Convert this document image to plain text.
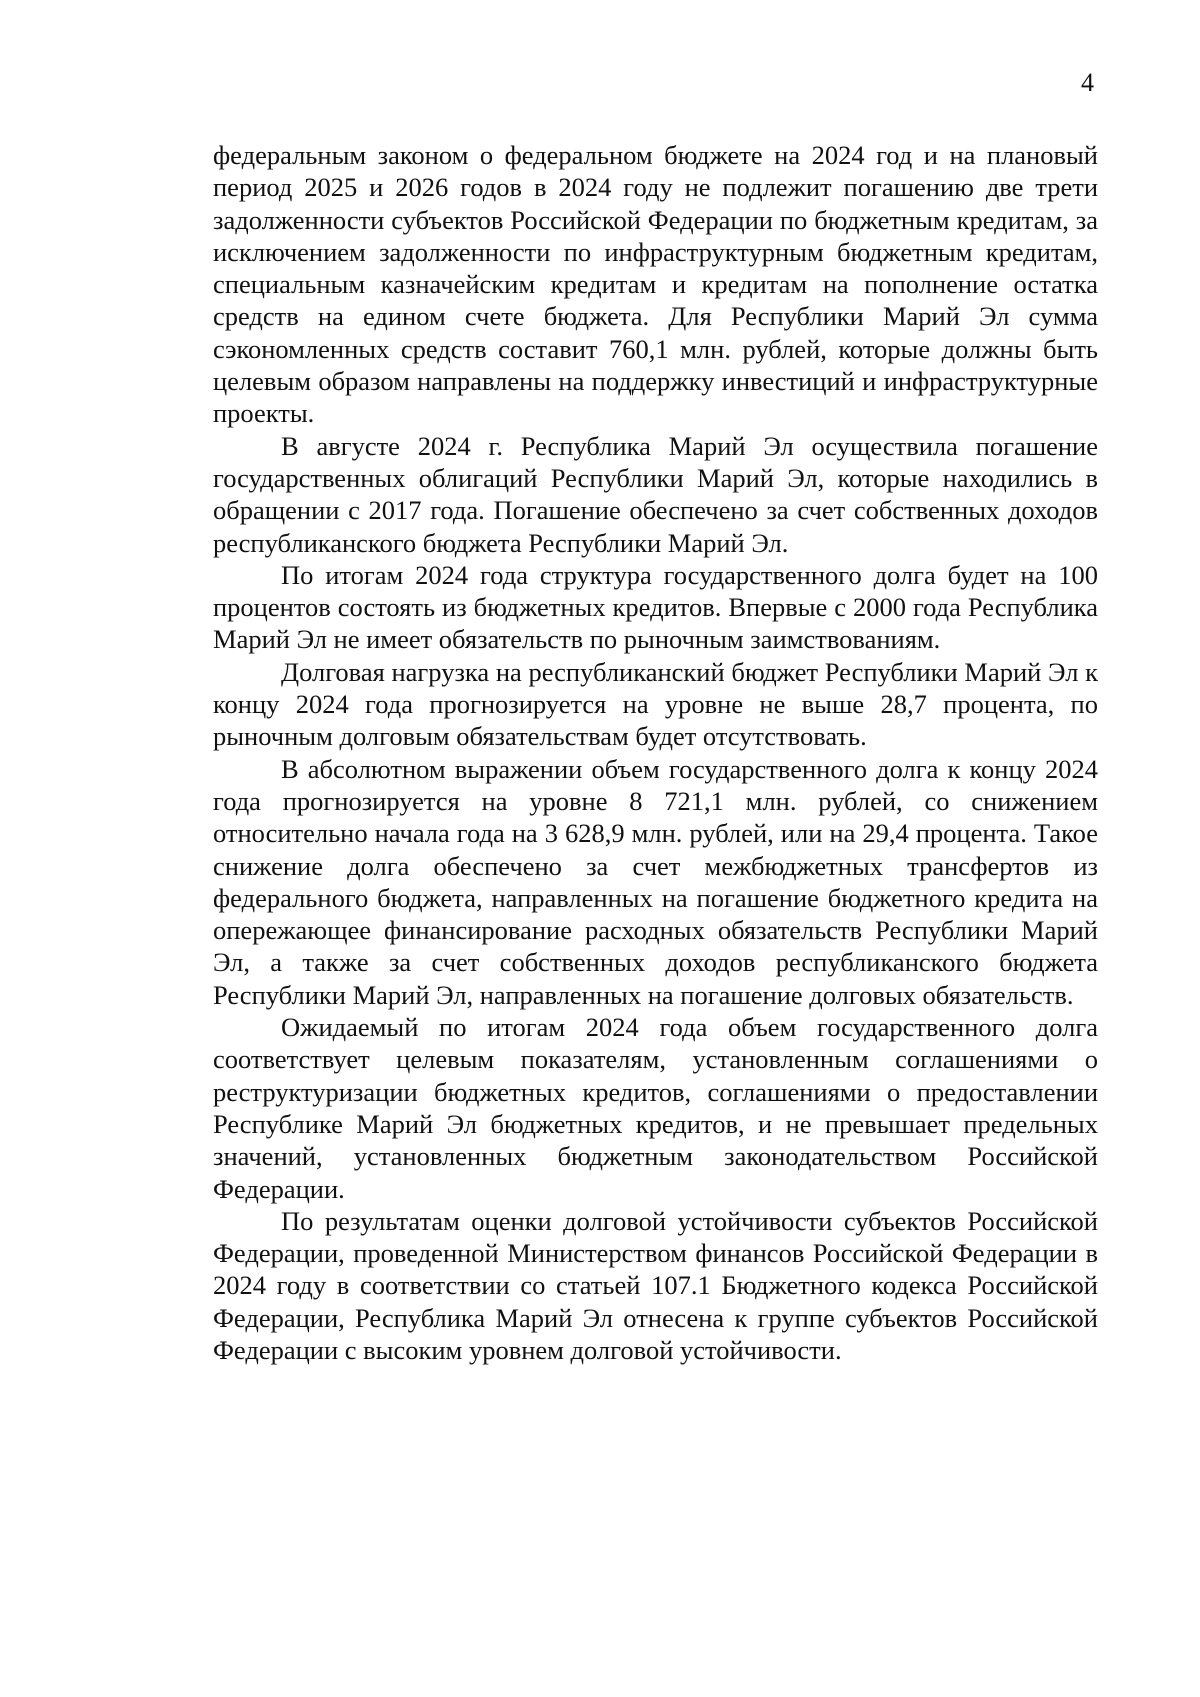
4

федеральным законом о федеральном бюджете на 2024 год и на плановый период 2025 и 2026 годов в 2024 году не подлежит погашению две трети задолженности субъектов Российской Федерации по бюджетным кредитам, за исключением задолженности по инфраструктурным бюджетным кредитам, специальным казначейским кредитам и кредитам на пополнение остатка средств на едином счете бюджета. Для Республики Марий Эл сумма сэкономленных средств составит 760,1 млн. рублей, которые должны быть целевым образом направлены на поддержку инвестиций и инфраструктурные проекты.

В августе 2024 г. Республика Марий Эл осуществила погашение государственных облигаций Республики Марий Эл, которые находились в обращении с 2017 года. Погашение обеспечено за счет собственных доходов республиканского бюджета Республики Марий Эл.

По итогам 2024 года структура государственного долга будет на 100 процентов состоять из бюджетных кредитов. Впервые с 2000 года Республика Марий Эл не имеет обязательств по рыночным заимствованиям.

Долговая нагрузка на республиканский бюджет Республики Марий Эл к концу 2024 года прогнозируется на уровне не выше 28,7 процента, по рыночным долговым обязательствам будет отсутствовать.

В абсолютном выражении объем государственного долга к концу 2024 года прогнозируется на уровне 8 721,1 млн. рублей, со снижением относительно начала года на 3 628,9 млн. рублей, или на 29,4 процента. Такое снижение долга обеспечено за счет межбюджетных трансфертов из федерального бюджета, направленных на погашение бюджетного кредита на опережающее финансирование расходных обязательств Республики Марий Эл, а также за счет собственных доходов республиканского бюджета Республики Марий Эл, направленных на погашение долговых обязательств.

Ожидаемый по итогам 2024 года объем государственного долга соответствует целевым показателям, установленным соглашениями о реструктуризации бюджетных кредитов, соглашениями о предоставлении Республике Марий Эл бюджетных кредитов, и не превышает предельных значений, установленных бюджетным законодательством Российской Федерации.

По результатам оценки долговой устойчивости субъектов Российской Федерации, проведенной Министерством финансов Российской Федерации в 2024 году в соответствии со статьей 107.1 Бюджетного кодекса Российской Федерации, Республика Марий Эл отнесена к группе субъектов Российской Федерации с высоким уровнем долговой устойчивости.
